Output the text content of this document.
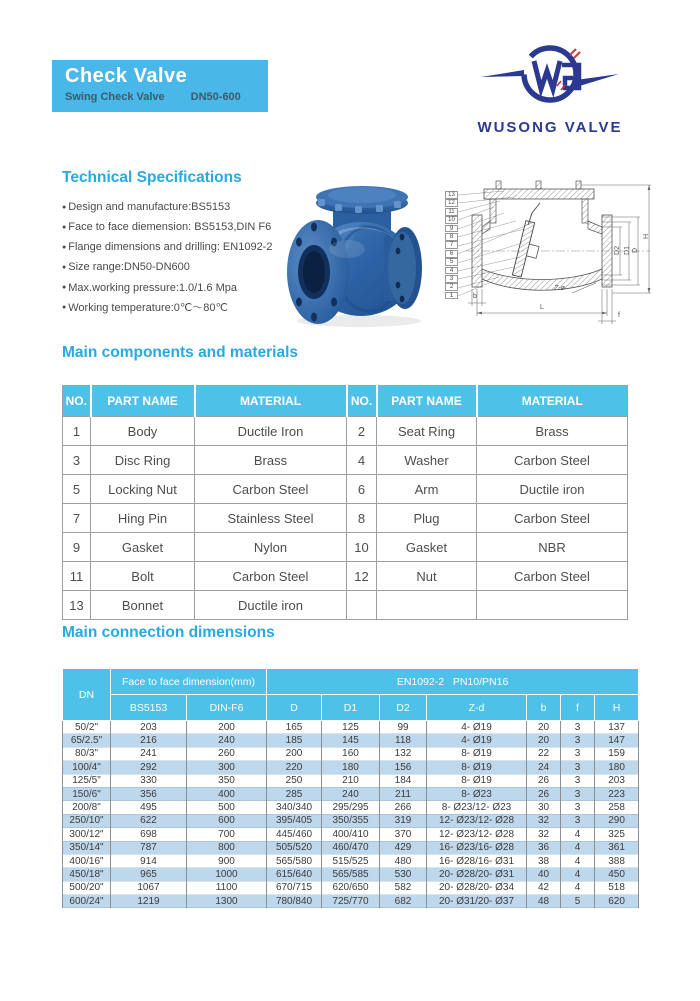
Check Valve
Swing Check Valve DN50-600
WUSONG VALVE
Technical Specifications
● Design and manufacture:BS5153
● Face to face diemension: BS5153,DIN F6
● Flange dimensions and drilling: EN1092-2
● Size range:DN50-DN600
● Max.working pressure:1.0/1.6 Mpa
● Working temperature:0℃～80℃
13
12
11
10
9
8
7
6
5
4
3
2
1
Z-ø
L
b
f
D2 D1 D
H
Main components and materials
NO.	PART NAME	MATERIAL	NO.	PART NAME	MATERIAL
1	Body	Ductile Iron	2	Seat Ring	Brass
3	Disc Ring	Brass	4	Washer	Carbon Steel
5	Locking Nut	Carbon Steel	6	Arm	Ductile iron
7	Hing Pin	Stainless Steel	8	Plug	Carbon Steel
9	Gasket	Nylon	10	Gasket	NBR
11	Bolt	Carbon Steel	12	Nut	Carbon Steel
13	Bonnet	Ductile iron			
Main connection dimensions
DN	Face to face dimension(mm)		EN1092-2   PN10/PN16						
	BS5153	DIN-F6	D	D1	D2	Z-d	b	f	H
50/2"	203	200	165	125	99	4- Ø19	20	3	137
65/2.5"	216	240	185	145	118	4- Ø19	20	3	147
80/3"	241	260	200	160	132	8- Ø19	22	3	159
100/4"	292	300	220	180	156	8- Ø19	24	3	180
125/5"	330	350	250	210	184	8- Ø19	26	3	203
150/6"	356	400	285	240	211	8- Ø23	26	3	223
200/8"	495	500	340/340	295/295	266	8- Ø23/12- Ø23	30	3	258
250/10"	622	600	395/405	350/355	319	12- Ø23/12- Ø28	32	3	290
300/12"	698	700	445/460	400/410	370	12- Ø23/12- Ø28	32	4	325
350/14"	787	800	505/520	460/470	429	16- Ø23/16- Ø28	36	4	361
400/16"	914	900	565/580	515/525	480	16- Ø28/16- Ø31	38	4	388
450/18"	965	1000	615/640	565/585	530	20- Ø28/20- Ø31	40	4	450
500/20"	1067	1100	670/715	620/650	582	20- Ø28/20- Ø34	42	4	518
600/24"	1219	1300	780/840	725/770	682	20- Ø31/20- Ø37	48	5	620
